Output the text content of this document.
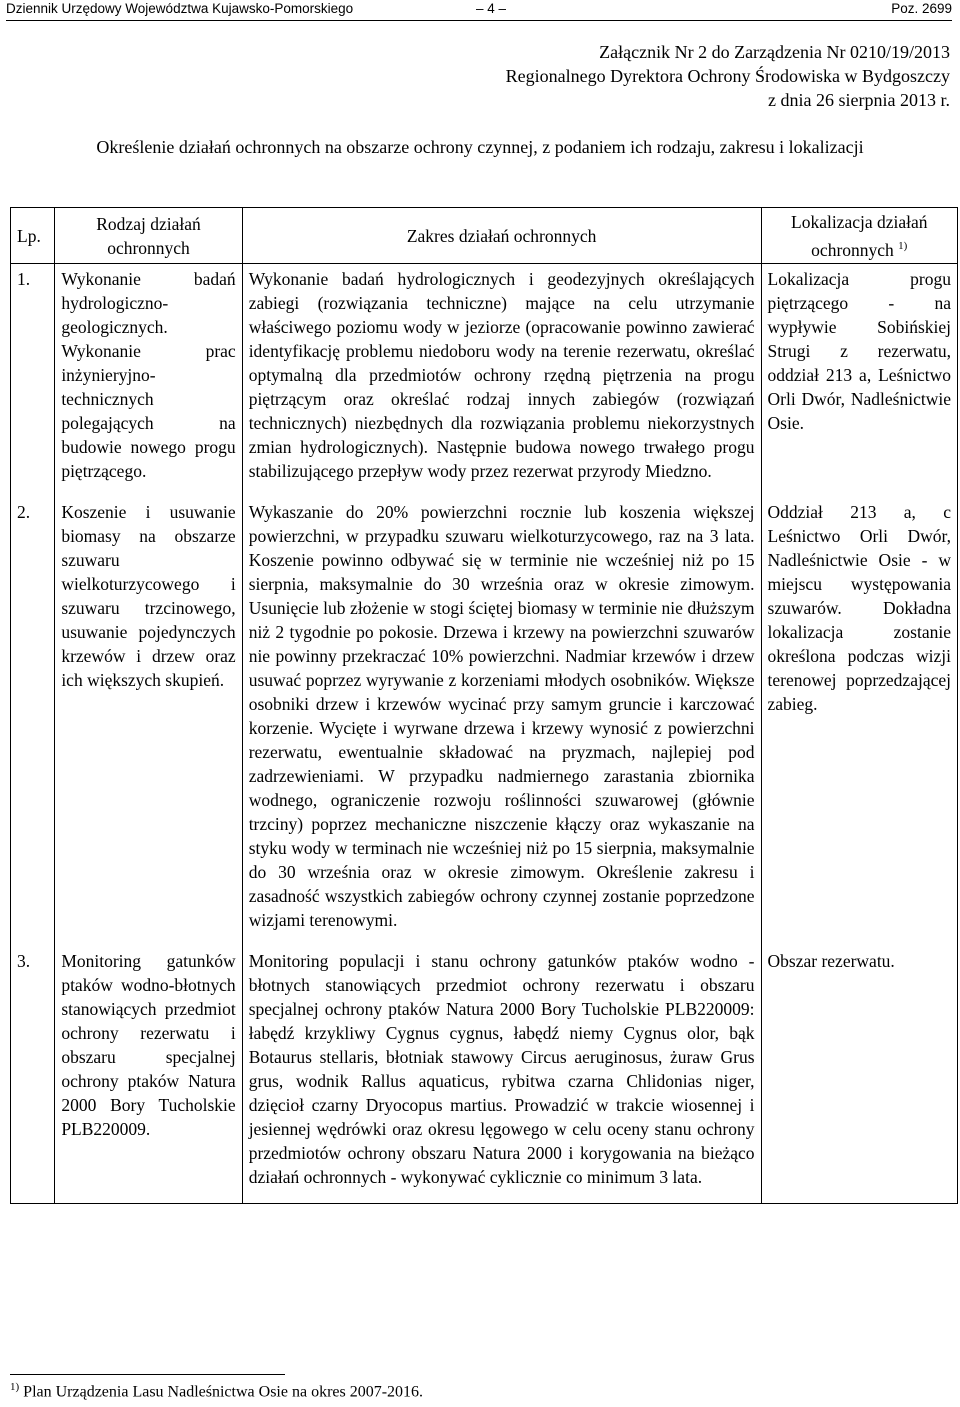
Dziennik Urzędowy Województwa Kujawsko-Pomorskiego	– 4 –	Poz. 2699
Załącznik Nr 2 do Zarządzenia Nr 0210/19/2013
Regionalnego Dyrektora Ochrony Środowiska w Bydgoszczy
z dnia 26 sierpnia 2013 r.
Określenie działań ochronnych na obszarze ochrony czynnej, z podaniem ich rodzaju, zakresu i lokalizacji
Lp.	Rodzaj działań ochronnych	Zakres działań ochronnych	Lokalizacja działań ochronnych $^{1)}$
1.	Wykonanie badań hydrologiczno-geologicznych. Wykonanie prac inżynieryjno-technicznych polegających na budowie nowego progu piętrzącego.	Wykonanie badań hydrologicznych i geodezyjnych określających zabiegi (rozwiązania techniczne) mające na celu utrzymanie właściwego poziomu wody w jeziorze (opracowanie powinno zawierać identyfikację problemu niedoboru wody na terenie rezerwatu, określać optymalną dla przedmiotów ochrony rzędną piętrzenia na progu piętrzącym oraz określać rodzaj innych zabiegów (rozwiązań technicznych) niezbędnych dla rozwiązania problemu niekorzystnych zmian hydrologicznych). Następnie budowa nowego trwałego progu stabilizującego przepływ wody przez rezerwat przyrody Miedzno.	Lokalizacja progu piętrzącego - na wypływie Sobińskiej Strugi z rezerwatu, oddział 213 a, Leśnictwo Orli Dwór, Nadleśnictwie Osie.
2.	Koszenie i usuwanie biomasy na obszarze szuwaru wielkoturzycowego i szuwaru trzcinowego, usuwanie pojedynczych krzewów i drzew oraz ich większych skupień.	Wykaszanie do 20% powierzchni rocznie lub koszenia większej powierzchni, w przypadku szuwaru wielkoturzycowego, raz na 3 lata. Koszenie powinno odbywać się w terminie nie wcześniej niż po 15 sierpnia, maksymalnie do 30 września oraz w okresie zimowym. Usunięcie lub złożenie w stogi ściętej biomasy w terminie nie dłuższym niż 2 tygodnie po pokosie. Drzewa i krzewy na powierzchni szuwarów nie powinny przekraczać 10% powierzchni. Nadmiar krzewów i drzew usuwać poprzez wyrywanie z korzeniami młodych osobników. Większe osobniki drzew i krzewów wycinać przy samym gruncie i karczować korzenie. Wycięte i wyrwane drzewa i krzewy wynosić z powierzchni rezerwatu, ewentualnie składować na pryzmach, najlepiej pod zadrzewieniami. W przypadku nadmiernego zarastania zbiornika wodnego, ograniczenie rozwoju roślinności szuwarowej (głównie trzciny) poprzez mechaniczne niszczenie kłączy oraz wykaszanie na styku wody w terminach nie wcześniej niż po 15 sierpnia, maksymalnie do 30 września oraz w okresie zimowym. Określenie zakresu i zasadność wszystkich zabiegów ochrony czynnej zostanie poprzedzone wizjami terenowymi.	Oddział 213 a, c Leśnictwo Orli Dwór, Nadleśnictwie Osie - w miejscu występowania szuwarów. Dokładna lokalizacja zostanie określona podczas wizji terenowej poprzedzającej zabieg.
3.	Monitoring gatunków ptaków wodno-błotnych stanowiących przedmiot ochrony rezerwatu i obszaru specjalnej ochrony ptaków Natura 2000 Bory Tucholskie PLB220009.	Monitoring populacji i stanu ochrony gatunków ptaków wodno - błotnych stanowiących przedmiot ochrony rezerwatu i obszaru specjalnej ochrony ptaków Natura 2000 Bory Tucholskie PLB220009: łabędź krzykliwy Cygnus cygnus, łabędź niemy Cygnus olor, bąk Botaurus stellaris, błotniak stawowy Circus aeruginosus, żuraw Grus grus, wodnik Rallus aquaticus, rybitwa czarna Chlidonias niger, dzięcioł czarny Dryocopus martius. Prowadzić w trakcie wiosennej i jesiennej wędrówki oraz okresu lęgowego w celu oceny stanu ochrony przedmiotów ochrony obszaru Natura 2000 i korygowania na bieżąco działań ochronnych - wykonywać cyklicznie co minimum 3 lata.	Obszar rezerwatu.
$^{1)}$ Plan Urządzenia Lasu Nadleśnictwa Osie na okres 2007-2016.
